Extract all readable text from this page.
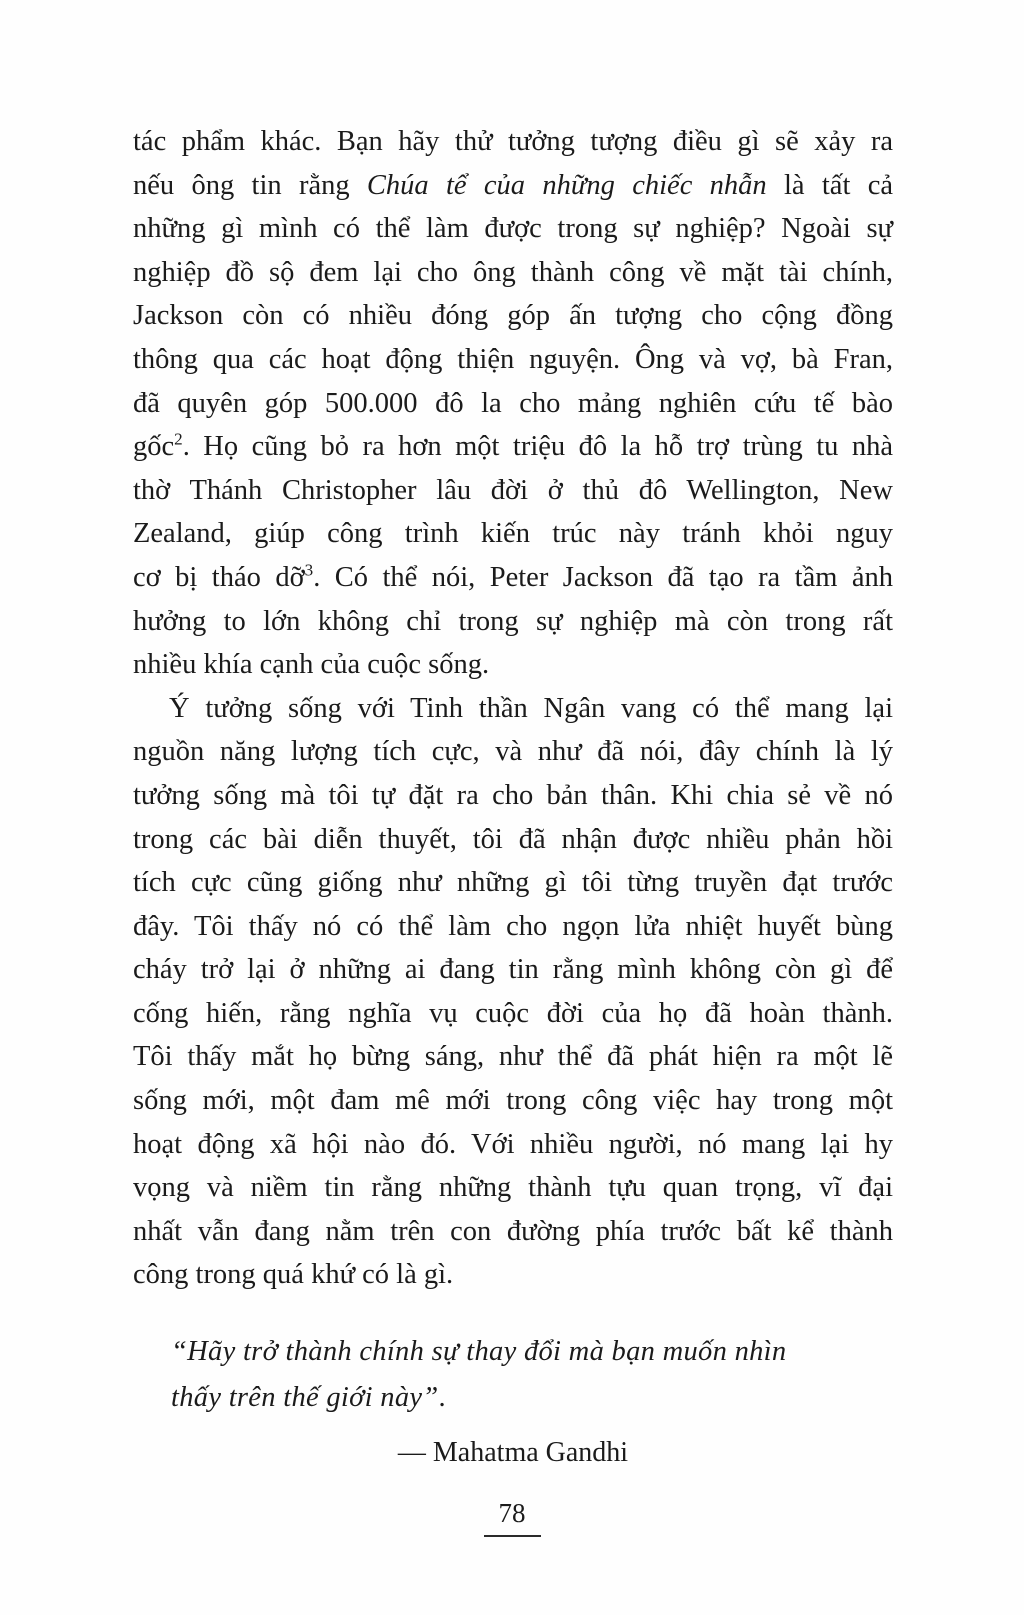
tác phẩm khác. Bạn hãy thử tưởng tượng điều gì sẽ xảy ra
nếu ông tin rằng Chúa tể của những chiếc nhẫn là tất cả
những gì mình có thể làm được trong sự nghiệp? Ngoài sự
nghiệp đồ sộ đem lại cho ông thành công về mặt tài chính,
Jackson còn có nhiều đóng góp ấn tượng cho cộng đồng
thông qua các hoạt động thiện nguyện. Ông và vợ, bà Fran,
đã quyên góp 500.000 đô la cho mảng nghiên cứu tế bào
gốc$^2$. Họ cũng bỏ ra hơn một triệu đô la hỗ trợ trùng tu nhà
thờ Thánh Christopher lâu đời ở thủ đô Wellington, New
Zealand, giúp công trình kiến trúc này tránh khỏi nguy
cơ bị tháo dỡ$^3$. Có thể nói, Peter Jackson đã tạo ra tầm ảnh
hưởng to lớn không chỉ trong sự nghiệp mà còn trong rất
nhiều khía cạnh của cuộc sống.
Ý tưởng sống với Tinh thần Ngân vang có thể mang lại
nguồn năng lượng tích cực, và như đã nói, đây chính là lý
tưởng sống mà tôi tự đặt ra cho bản thân. Khi chia sẻ về nó
trong các bài diễn thuyết, tôi đã nhận được nhiều phản hồi
tích cực cũng giống như những gì tôi từng truyền đạt trước
đây. Tôi thấy nó có thể làm cho ngọn lửa nhiệt huyết bùng
cháy trở lại ở những ai đang tin rằng mình không còn gì để
cống hiến, rằng nghĩa vụ cuộc đời của họ đã hoàn thành.
Tôi thấy mắt họ bừng sáng, như thể đã phát hiện ra một lẽ
sống mới, một đam mê mới trong công việc hay trong một
hoạt động xã hội nào đó. Với nhiều người, nó mang lại hy
vọng và niềm tin rằng những thành tựu quan trọng, vĩ đại
nhất vẫn đang nằm trên con đường phía trước bất kể thành
công trong quá khứ có là gì.
“Hãy trở thành chính sự thay đổi mà bạn muốn nhìn
thấy trên thế giới này”.
— Mahatma Gandhi
78
